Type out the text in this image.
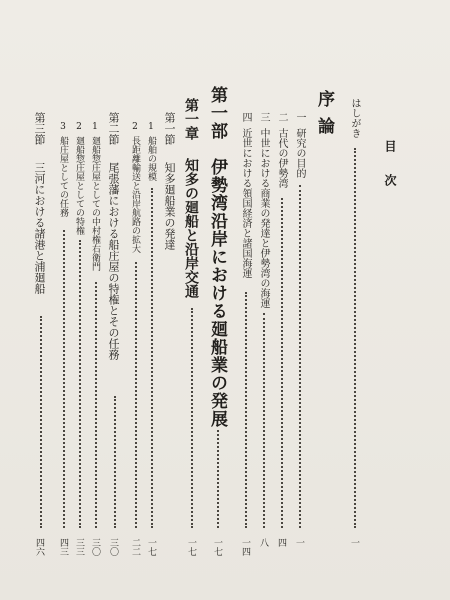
目次
はしがき
一
序論
一
研究の目的
一
二
古代の伊勢湾
四
三
中世における商業の発達と伊勢湾の海運
八
四
近世における領国経済と諸国海運
一四
第一部　伊勢湾沿岸における廻船業の発展
一七
第一章
知多の廻船と沿岸交通
一七
第一節
知多廻船業の発達
1
船舶の規模
一七
2
長距離輸送と沿岸航路の拡大
二二
第二節
尾張藩における船庄屋の特権とその任務
三〇
1
廻船惣庄屋としての中村権右衛門
三〇
2
廻船惣庄屋としての特権
三三
3
船庄屋としての任務
四三
第三節
三河における諸港と浦廻船
四六
